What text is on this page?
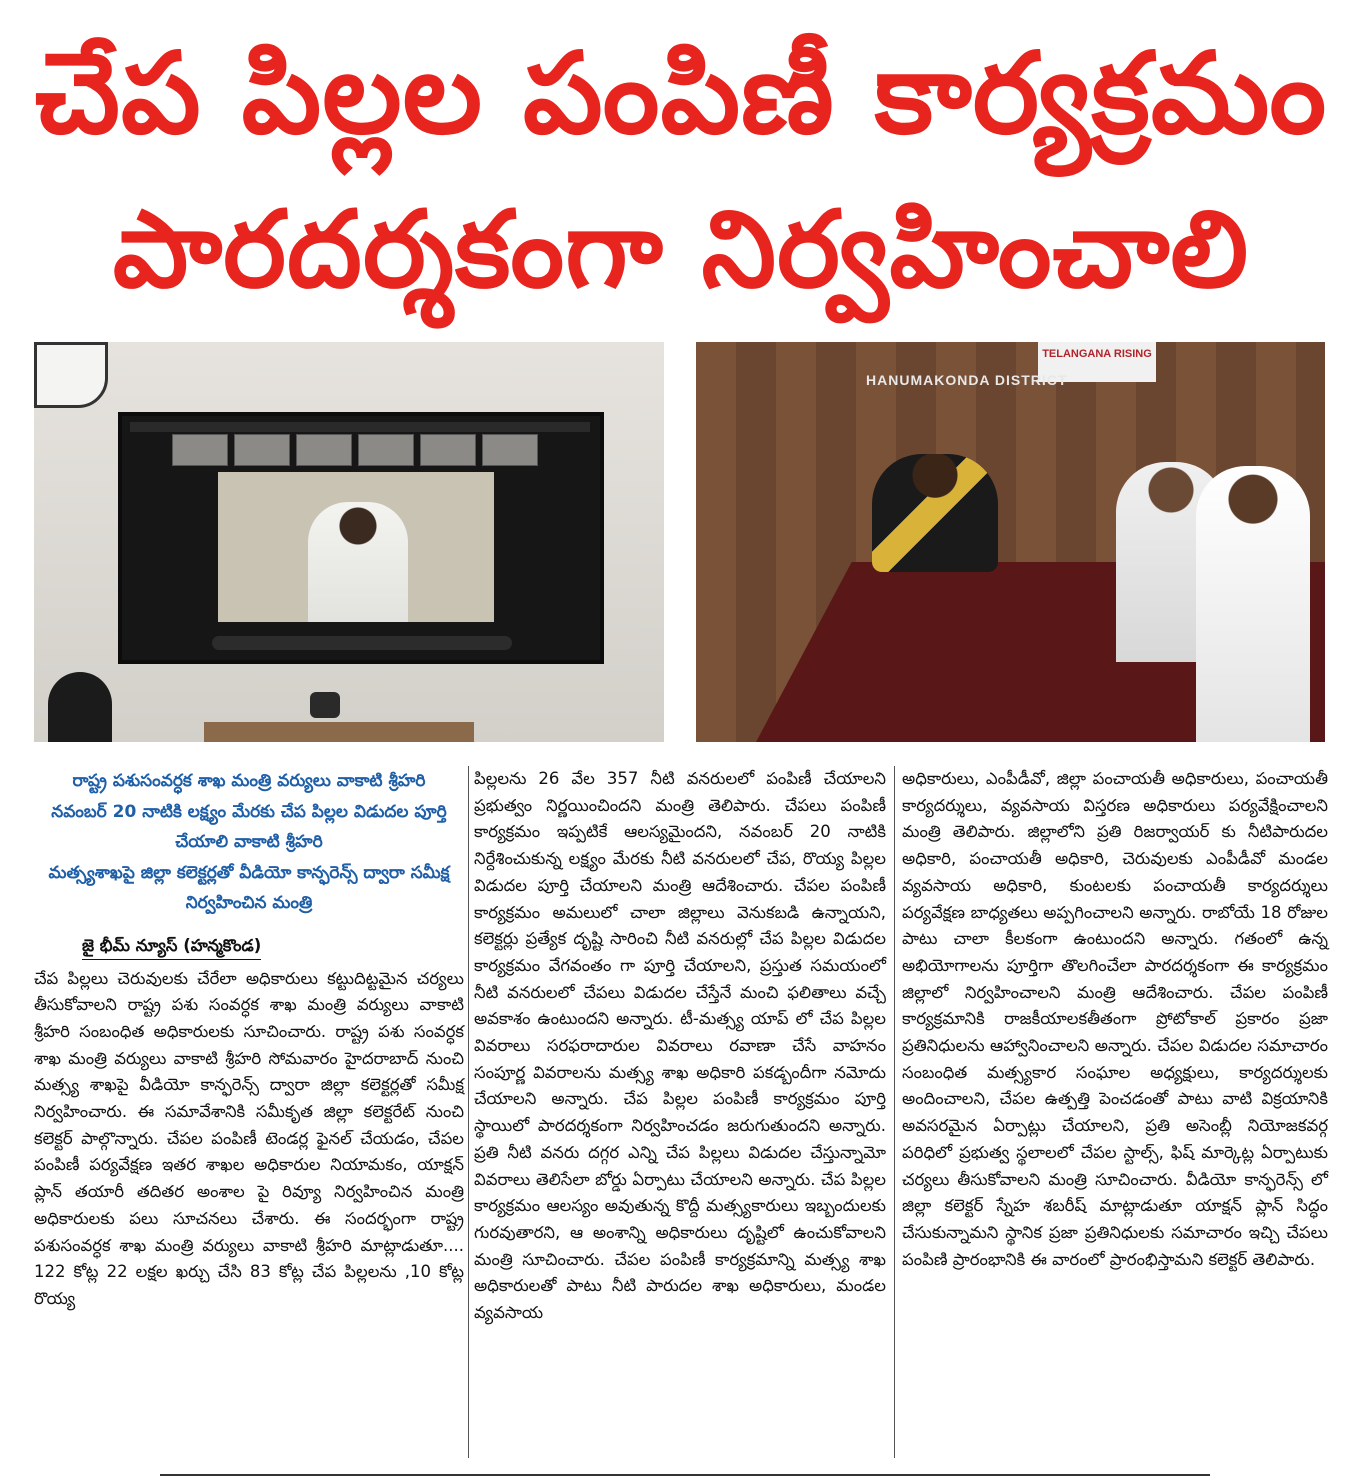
చేప పిల్లల పంపిణీ కార్యక్రమం
పారదర్శకంగా నిర్వహించాలి
TELANGANA RISING
HANUMAKONDA DISTRICT
రాష్ట్ర పశుసంవర్ధక శాఖ మంత్రి వర్యులు వాకాటి శ్రీహరి
నవంబర్ 20 నాటికి లక్ష్యం మేరకు చేప పిల్లల విడుదల పూర్తి చేయాలి వాకాటి శ్రీహరి
మత్స్యశాఖపై జిల్లా కలెక్టర్లతో వీడియో కాన్ఫరెన్స్ ద్వారా సమీక్ష నిర్వహించిన మంత్రి
జై భీమ్ న్యూస్ (హన్మకొండ)

చేప పిల్లలు చెరువులకు చేరేలా అధికారులు కట్టుదిట్టమైన చర్యలు తీసుకోవాలని రాష్ట్ర పశు సంవర్ధక శాఖ మంత్రి వర్యులు వాకాటి శ్రీహరి సంబంధిత అధికారులకు సూచించారు. రాష్ట్ర పశు సంవర్ధక శాఖ మంత్రి వర్యులు వాకాటి శ్రీహరి సోమవారం హైదరాబాద్ నుంచి మత్స్య శాఖపై వీడియో కాన్ఫరెన్స్ ద్వారా జిల్లా కలెక్టర్లతో సమీక్ష నిర్వహించారు. ఈ సమావేశానికి సమీకృత జిల్లా కలెక్టరేట్ నుంచి కలెక్టర్ పాల్గొన్నారు. చేపల పంపిణీ టెండర్ల ఫైనల్ చేయడం, చేపల పంపిణీ పర్యవేక్షణ ఇతర శాఖల అధికారుల నియామకం, యాక్షన్ ప్లాన్ తయారీ తదితర అంశాల పై రివ్యూ నిర్వహించిన మంత్రి అధికారులకు పలు సూచనలు చేశారు. ఈ సందర్భంగా రాష్ట్ర పశుసంవర్ధక శాఖ మంత్రి వర్యులు వాకాటి శ్రీహరి మాట్లాడుతూ.... 122 కోట్ల 22 లక్షల ఖర్చు చేసి 83 కోట్ల చేప పిల్లలను ,10 కోట్ల రొయ్య

పిల్లలను 26 వేల 357 నీటి వనరులలో పంపిణీ చేయాలని ప్రభుత్వం నిర్ణయించిందని మంత్రి తెలిపారు. చేపలు పంపిణీ కార్యక్రమం ఇప్పటికే ఆలస్యమైందని, నవంబర్ 20 నాటికి నిర్దేశించుకున్న లక్ష్యం మేరకు నీటి వనరులలో చేప, రొయ్య పిల్లల విడుదల పూర్తి చేయాలని మంత్రి ఆదేశించారు. చేపల పంపిణీ కార్యక్రమం అమలులో చాలా జిల్లాలు వెనుకబడి ఉన్నాయని, కలెక్టర్లు ప్రత్యేక దృష్టి సారించి నీటి వనరుల్లో చేప పిల్లల విడుదల కార్యక్రమం వేగవంతం గా పూర్తి చేయాలని, ప్రస్తుత సమయంలో నీటి వనరులలో చేపలు విడుదల చేస్తేనే మంచి ఫలితాలు వచ్చే అవకాశం ఉంటుందని అన్నారు. టీ-మత్స్య యాప్ లో చేప పిల్లల వివరాలు సరఫరాదారుల వివరాలు రవాణా చేసే వాహనం సంపూర్ణ వివరాలను మత్స్య శాఖ అధికారి పకడ్బందీగా నమోదు చేయాలని అన్నారు. చేప పిల్లల పంపిణీ కార్యక్రమం పూర్తి స్థాయిలో పారదర్శకంగా నిర్వహించడం జరుగుతుందని అన్నారు. ప్రతి నీటి వనరు దగ్గర ఎన్ని చేప పిల్లలు విడుదల చేస్తున్నామో వివరాలు తెలిసేలా బోర్డు ఏర్పాటు చేయాలని అన్నారు. చేప పిల్లల కార్యక్రమం ఆలస్యం అవుతున్న కొద్దీ మత్స్యకారులు ఇబ్బందులకు గురవుతారని, ఆ అంశాన్ని అధికారులు దృష్టిలో ఉంచుకోవాలని మంత్రి సూచించారు. చేపల పంపిణీ కార్యక్రమాన్ని మత్స్య శాఖ అధికారులతో పాటు నీటి పారుదల శాఖ అధికారులు, మండల వ్యవసాయ

అధికారులు, ఎంపీడీవో, జిల్లా పంచాయతీ అధికారులు, పంచాయతీ కార్యదర్శులు, వ్యవసాయ విస్తరణ అధికారులు పర్యవేక్షించాలని మంత్రి తెలిపారు. జిల్లాలోని ప్రతి రిజర్వాయర్ కు నీటిపారుదల అధికారి, పంచాయతీ అధికారి, చెరువులకు ఎంపీడీవో మండల వ్యవసాయ అధికారి, కుంటలకు పంచాయతీ కార్యదర్శులు పర్యవేక్షణ బాధ్యతలు అప్పగించాలని అన్నారు. రాబోయే 18 రోజుల పాటు చాలా కీలకంగా ఉంటుందని అన్నారు. గతంలో ఉన్న అభియోగాలను పూర్తిగా తొలగించేలా పారదర్శకంగా ఈ కార్యక్రమం జిల్లాలో నిర్వహించాలని మంత్రి ఆదేశించారు. చేపల పంపిణీ కార్యక్రమానికి రాజకీయాలకతీతంగా ప్రోటోకాల్ ప్రకారం ప్రజా ప్రతినిధులను ఆహ్వానించాలని అన్నారు. చేపల విడుదల సమాచారం సంబంధిత మత్స్యకార సంఘాల అధ్యక్షులు, కార్యదర్శులకు అందించాలని, చేపల ఉత్పత్తి పెంచడంతో పాటు వాటి విక్రయానికి అవసరమైన ఏర్పాట్లు చేయాలని, ప్రతి అసెంబ్లీ నియోజకవర్గ పరిధిలో ప్రభుత్వ స్థలాలలో చేపల స్టాల్స్, ఫిష్ మార్కెట్ల ఏర్పాటుకు చర్యలు తీసుకోవాలని మంత్రి సూచించారు. వీడియో కాన్ఫరెన్స్ లో జిల్లా కలెక్టర్ స్నేహ శబరీష్ మాట్లాడుతూ యాక్షన్ ప్లాన్ సిద్ధం చేసుకున్నామని స్థానిక ప్రజా ప్రతినిధులకు సమాచారం ఇచ్చి చేపలు పంపిణి ప్రారంభానికి ఈ వారంలో ప్రారంభిస్తామని కలెక్టర్ తెలిపారు.
